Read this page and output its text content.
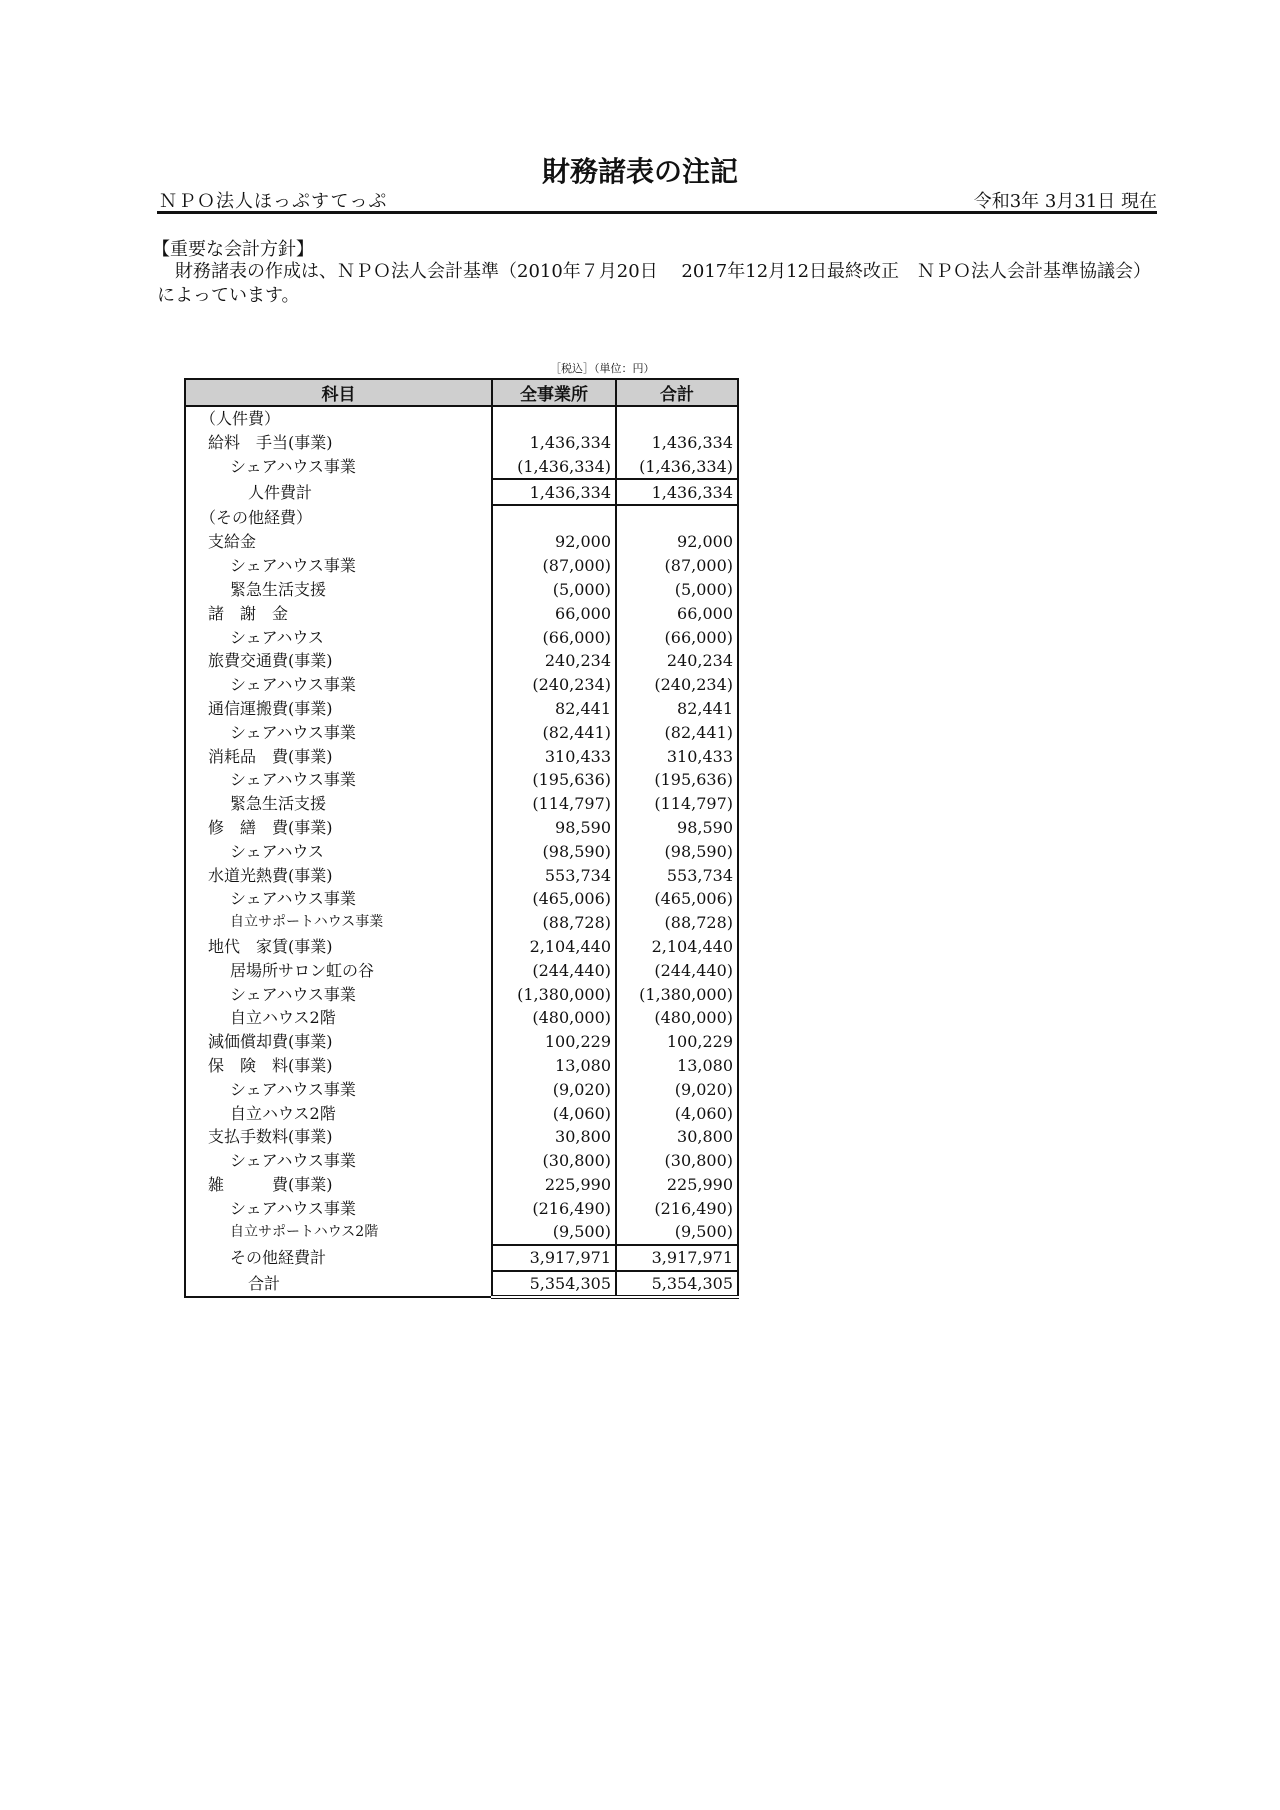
財務諸表の注記
ＮＰＯ法人ほっぷすてっぷ	令和3年 3月31日 現在
【重要な会計方針】
　財務諸表の作成は、ＮＰＯ法人会計基準（2010年７月20日　 2017年12月12日最終改正　ＮＰＯ法人会計基準協議会）によっています。
［税込］（単位：円）
科目	全事業所	合計
（人件費）		
給料　手当(事業)	1,436,334	1,436,334
シェアハウス事業	(1,436,334)	(1,436,334)
人件費計	1,436,334	1,436,334
（その他経費）		
支給金	92,000	92,000
シェアハウス事業	(87,000)	(87,000)
緊急生活支援	(5,000)	(5,000)
諸　謝　金	66,000	66,000
シェアハウス	(66,000)	(66,000)
旅費交通費(事業)	240,234	240,234
シェアハウス事業	(240,234)	(240,234)
通信運搬費(事業)	82,441	82,441
シェアハウス事業	(82,441)	(82,441)
消耗品　費(事業)	310,433	310,433
シェアハウス事業	(195,636)	(195,636)
緊急生活支援	(114,797)	(114,797)
修　繕　費(事業)	98,590	98,590
シェアハウス	(98,590)	(98,590)
水道光熱費(事業)	553,734	553,734
シェアハウス事業	(465,006)	(465,006)
自立サポートハウス事業	(88,728)	(88,728)
地代　家賃(事業)	2,104,440	2,104,440
居場所サロン虹の谷	(244,440)	(244,440)
シェアハウス事業	(1,380,000)	(1,380,000)
自立ハウス2階	(480,000)	(480,000)
減価償却費(事業)	100,229	100,229
保　険　料(事業)	13,080	13,080
シェアハウス事業	(9,020)	(9,020)
自立ハウス2階	(4,060)	(4,060)
支払手数料(事業)	30,800	30,800
シェアハウス事業	(30,800)	(30,800)
雑　　　費(事業)	225,990	225,990
シェアハウス事業	(216,490)	(216,490)
自立サポートハウス2階	(9,500)	(9,500)
その他経費計	3,917,971	3,917,971
合計	5,354,305	5,354,305
